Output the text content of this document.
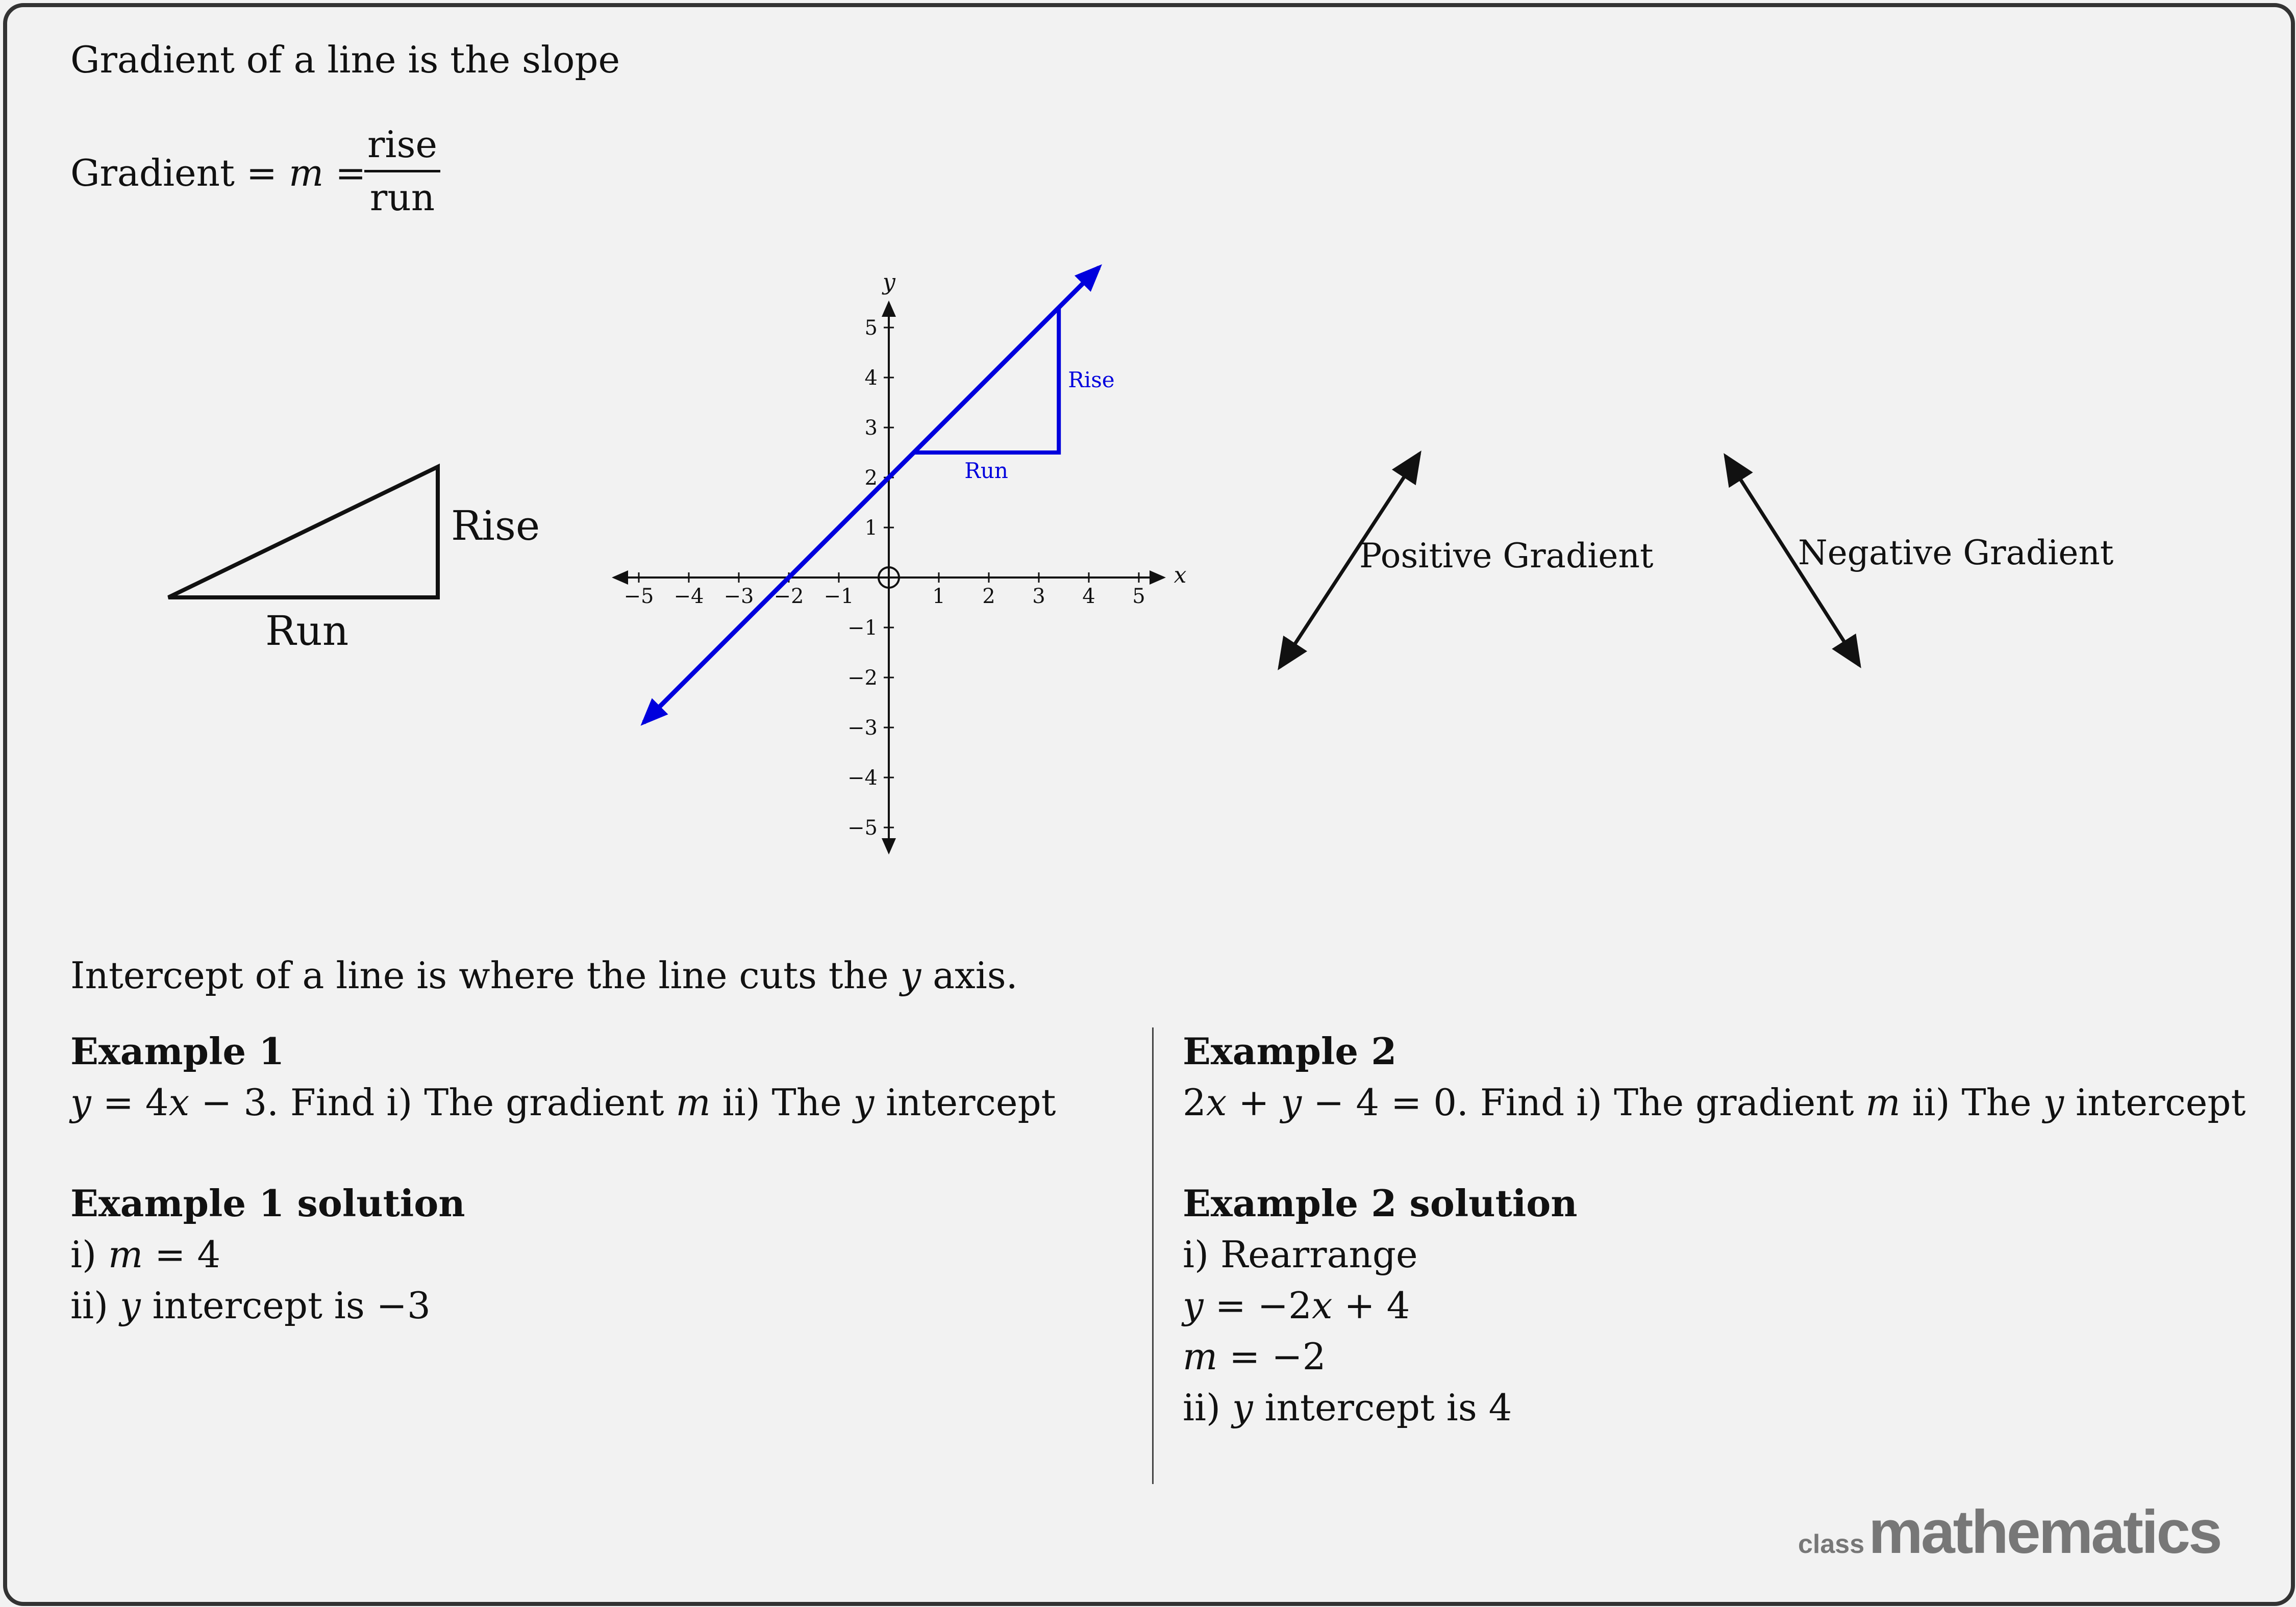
Gradient of a line is the slope
Gradient = m =
rise
run
Rise
Run
x
y
−5 −4 −3 −2 −1	1 2 3 4 5
5
4
3
2
1
−1
−2
−3
−4
−5
Rise
Run
Positive Gradient	Negative Gradient
Intercept of a line is where the line cuts the y axis.
Example 1
y = 4x − 3. Find i) The gradient m ii) The y intercept
Example 1 solution
i) m = 4
ii) y intercept is −3
Example 2
2x + y − 4 = 0. Find i) The gradient m ii) The y intercept
Example 2 solution
i) Rearrange
y = −2x + 4
m = −2
ii) y intercept is 4
classmathematics
